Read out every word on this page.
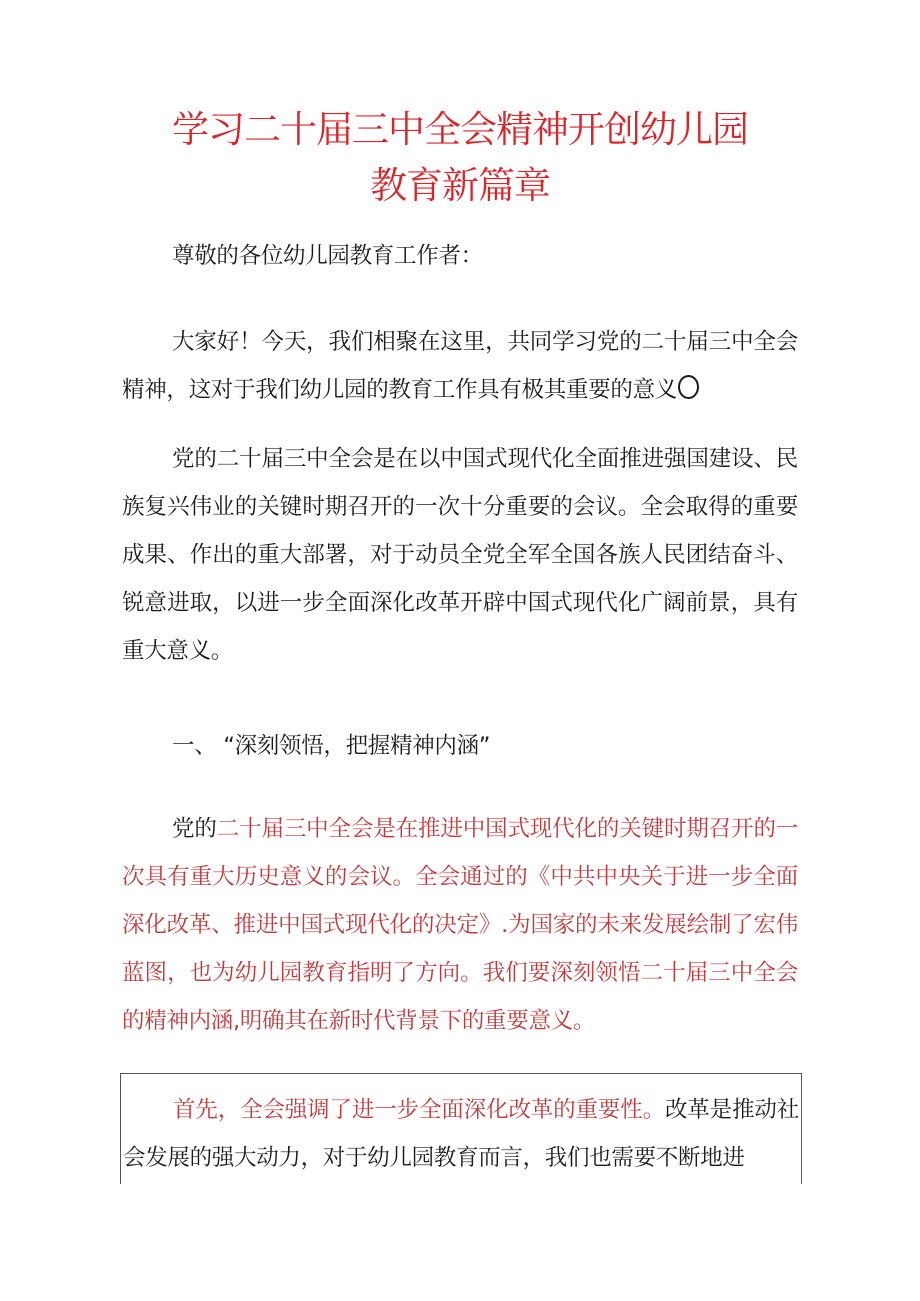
学习二十届三中全会精神开创幼儿园
教育新篇章

尊敬的各位幼儿园教育工作者：

大家好！今天，我们相聚在这里，共同学习党的二十届三中全会精神，这对于我们幼儿园的教育工作具有极其重要的意义

党的二十届三中全会是在以中国式现代化全面推进强国建设、民族复兴伟业的关键时期召开的一次十分重要的会议。全会取得的重要成果、作出的重大部署，对于动员全党全军全国各族人民团结奋斗、锐意进取，以进一步全面深化改革开辟中国式现代化广阔前景，具有重大意义。

一、 “深刻领悟，把握精神内涵”

党的二十届三中全会是在推进中国式现代化的关键时期召开的一次具有重大历史意义的会议。全会通过的《中共中央关于进一步全面深化改革、推进中国式现代化的决定》.为国家的未来发展绘制了宏伟蓝图，也为幼儿园教育指明了方向。我们要深刻领悟二十届三中全会的精神内涵,明确其在新时代背景下的重要意义。

首先，全会强调了进一步全面深化改革的重要性。改革是推动社会发展的强大动力，对于幼儿园教育而言，我们也需要不断地进
